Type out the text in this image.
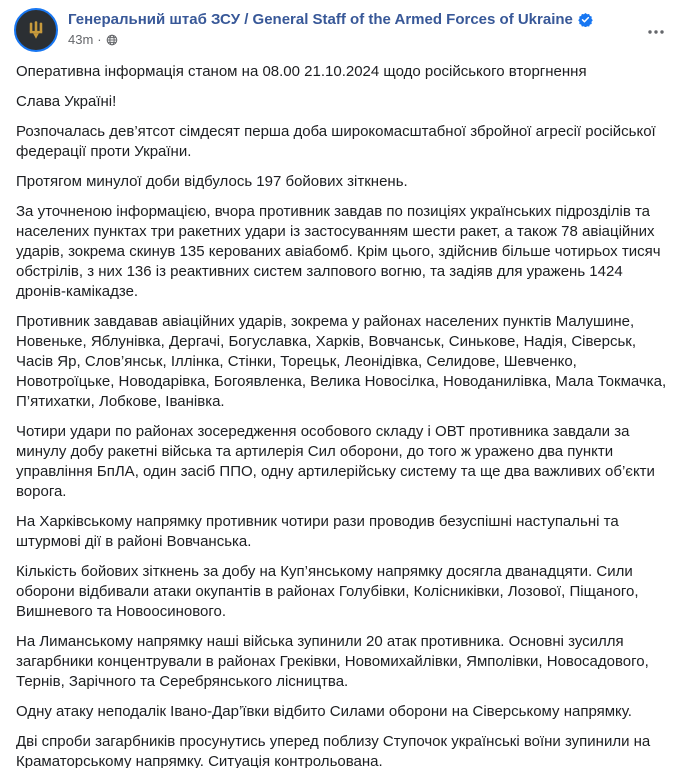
Генеральний штаб ЗСУ / General Staff of the Armed Forces of Ukraine
43m ·

Оперативна інформація станом на 08.00 21.10.2024 щодо російського вторгнення

Слава Україні!

Розпочалась дев’ятсот сімдесят перша доба широкомасштабної збройної агресії російської федерації проти України.

Протягом минулої доби відбулось 197 бойових зіткнень.

За уточненою інформацією, вчора противник завдав по позиціях українських підрозділів та населених пунктах три ракетних удари із застосуванням шести ракет, а також 78 авіаційних ударів, зокрема скинув 135 керованих авіабомб. Крім цього, здійснив більше чотирьох тисяч обстрілів, з них 136 із реактивних систем залпового вогню, та задіяв для уражень 1424 дронів-камікадзе.

Противник завдавав авіаційних ударів, зокрема у районах населених пунктів Малушине, Новеньке, Яблунівка, Дергачі, Богуславка, Харків, Вовчанськ, Синькове, Надія, Сіверськ, Часів Яр, Слов’янськ, Іллінка, Стінки, Торецьк, Леонідівка, Селидове, Шевченко, Новотроїцьке, Новодарівка, Богоявленка, Велика Новосілка, Новоданилівка, Мала Токмачка, П’ятихатки, Лобкове, Іванівка.

Чотири удари по районах зосередження особового складу і ОВТ противника завдали за минулу добу ракетні війська та артилерія Сил оборони, до того ж уражено два пункти управління БпЛА, один засіб ППО, одну артилерійську систему та ще два важливих об’єкти ворога.

На Харківському напрямку противник чотири рази проводив безуспішні наступальні та штурмові дії в районі Вовчанська.

Кількість бойових зіткнень за добу на Куп’янському напрямку досягла дванадцяти. Сили оборони відбивали атаки окупантів в районах Голубівки, Колісниківки, Лозової, Піщаного, Вишневого та Новоосинового.

На Лиманському напрямку наші війська зупинили 20 атак противника. Основні зусилля загарбники концентрували в районах Греківки, Новомихайлівки, Ямполівки, Новосадового, Тернів, Зарічного та Серебрянського лісництва.

Одну атаку неподалік Івано-Дар’ївки відбито Силами оборони на Сіверському напрямку.

Дві спроби загарбників просунутись уперед поблизу Ступочок українські воїни зупинили на Краматорському напрямку. Ситуація контрольована.
